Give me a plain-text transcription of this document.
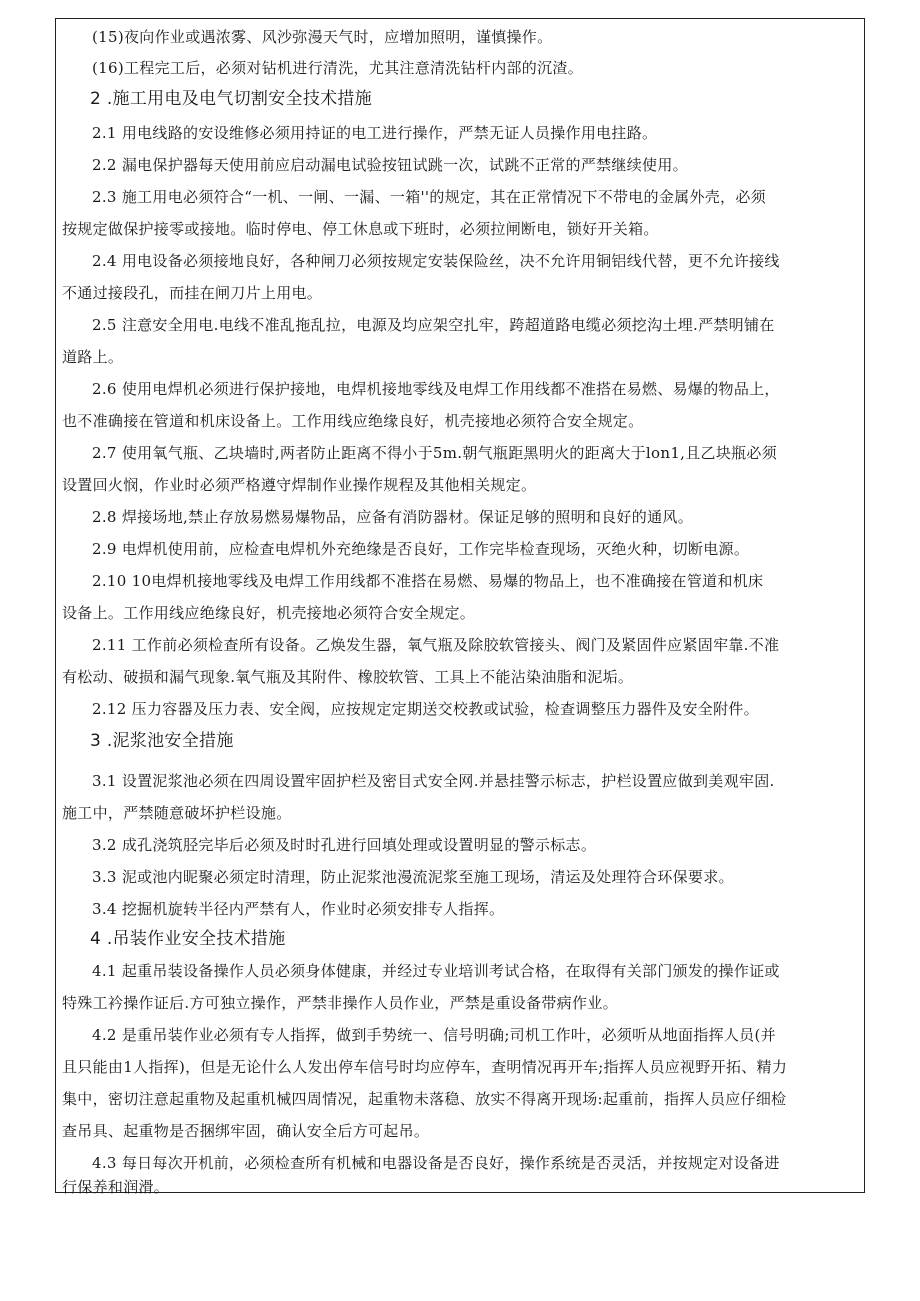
(15)夜向作业或遇浓雾、风沙弥漫天气时，应增加照明，谨慎操作。
(16)工程完工后，必须对钻机进行清洗，尤其注意清洗钻杆内部的沉渣。
2 .施工用电及电气切割安全技术措施
2.1 用电线路的安设维修必须用持证的电工进行操作，严禁无证人员操作用电拄路。
2.2 漏电保护器每天使用前应启动漏电试验按钮试跳一次，试跳不正常的严禁继续使用。
2.3 施工用电必须符合“一机、一闸、一漏、一箱''的规定，其在正常情况下不带电的金属外壳，必须
按规定做保护接零或接地。临时停电、停工休息或下班时，必须拉闸断电，锁好开关箱。
2.4 用电设备必须接地良好，各种闸刀必须按规定安装保险丝，决不允许用铜铝线代替，更不允许接线
不通过接段孔，而挂在闸刀片上用电。
2.5 注意安全用电.电线不准乱拖乱拉，电源及均应架空扎牢，跨超道路电缆必须挖沟土埋.严禁明铺在
道路上。
2.6 使用电焊机必须进行保护接地，电焊机接地零线及电焊工作用线都不准搭在易燃、易爆的物品上，
也不准确接在管道和机床设备上。工作用线应绝缘良好，机壳接地必须符合安全规定。
2.7 使用氧气瓶、乙块墙时,两者防止距离不得小于5m.朝气瓶距黑明火的距离大于lon1,且乙块瓶必须
设置回火悯，作业时必须严格遵守焊制作业操作规程及其他相关规定。
2.8 焊接场地,禁止存放易燃易爆物品，应备有消防器材。保证足够的照明和良好的通风。
2.9 电焊机使用前，应检查电焊机外充绝缘是否良好，工作完毕检查现场，灭绝火种，切断电源。
2.10 10电焊机接地零线及电焊工作用线都不准搭在易燃、易爆的物品上，也不准确接在管道和机床
设备上。工作用线应绝缘良好，机壳接地必须符合安全规定。
2.11 工作前必须检查所有设备。乙焕发生器，氧气瓶及除胶软管接头、阀门及紧固件应紧固牢靠.不准
有松动、破损和漏气现象.氧气瓶及其附件、橡胶软管、工具上不能沾染油脂和泥垢。
2.12 压力容器及压力表、安全阀，应按规定定期送交校教或试验，检查调整压力器件及安全附件。
3 .泥浆池安全措施
3.1 设置泥浆池必须在四周设置牢固护栏及密目式安全网.并悬挂警示标志，护栏设置应做到美观牢固.
施工中，严禁随意破坏护栏设施。
3.2 成孔浇筑胫完毕后必须及时时孔进行回填处理或设置明显的警示标志。
3.3 泥或池内昵聚必须定时清理，防止泥浆池漫流泥浆至施工现场，清运及处理符合环保要求。
3.4 挖掘机旋转半径内严禁有人，作业时必须安排专人指挥。
4 .吊装作业安全技术措施
4.1 起重吊装设备操作人员必须身体健康，并经过专业培训考试合格，在取得有关部门颁发的操作证或
特殊工衿操作证后.方可独立操作，严禁非操作人员作业，严禁是重设备带病作业。
4.2 是重吊装作业必须有专人指挥，做到手势统一、信号明确;司机工作叶，必须听从地面指挥人员(并
且只能由1人指挥)，但是无论什么人发出停车信号时均应停车，查明情况再开车;指挥人员应视野开拓、精力
集中，密切注意起重物及起重机械四周情况，起重物未落稳、放实不得离开现场:起重前，指挥人员应仔细检
查吊具、起重物是否捆绑牢固，确认安全后方可起吊。
4.3 每日每次开机前，必须检查所有机械和电器设备是否良好，操作系统是否灵活，并按规定对设备进
行保养和润滑。
